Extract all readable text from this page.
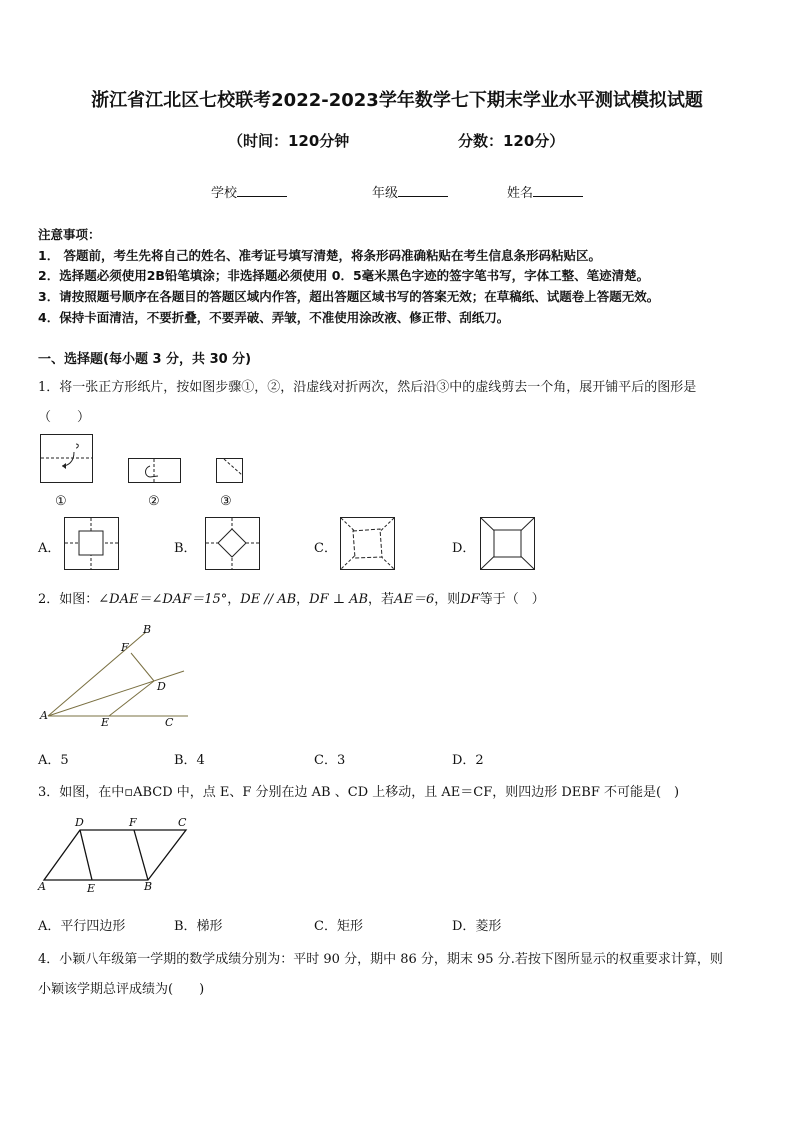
浙江省江北区七校联考2022-2023学年数学七下期末学业水平测试模拟试题
（时间：120分钟	分数：120分）
学校	年级	姓名
注意事项：
1． 答题前，考生先将自己的姓名、准考证号填写清楚，将条形码准确粘贴在考生信息条形码粘贴区。
2．选择题必须使用2B铅笔填涂；非选择题必须使用 0．5毫米黑色字迹的签字笔书写，字体工整、笔迹清楚。
3．请按照题号顺序在各题目的答题区域内作答，超出答题区域书写的答案无效；在草稿纸、试题卷上答题无效。
4．保持卡面清洁，不要折叠，不要弄破、弄皱，不准使用涂改液、修正带、刮纸刀。
一、选择题(每小题 3 分，共 30 分)
1．将一张正方形纸片，按如图步骤①，②，沿虚线对折两次，然后沿③中的虚线剪去一个角，展开铺平后的图形是
（　　）
①	②	③
A．	B．	C．	D．
2．如图：∠DAE＝∠DAF＝15°，DE // AB，DF ⊥ AB，若AE＝6，则DF等于（　）
B
F
D
A
E	C
A．5	B．4	C．3	D．2
3．如图，在中▫ABCD 中，点 E、F 分别在边 AB 、CD 上移动，且 AE＝CF，则四边形 DEBF 不可能是(　)
D	F	C
A	E	B
A．平行四边形	B．梯形	C．矩形	D．菱形
4．小颖八年级第一学期的数学成绩分别为：平时 90 分，期中 86 分，期末 95 分.若按下图所显示的权重要求计算，则
小颖该学期总评成绩为(　　)
